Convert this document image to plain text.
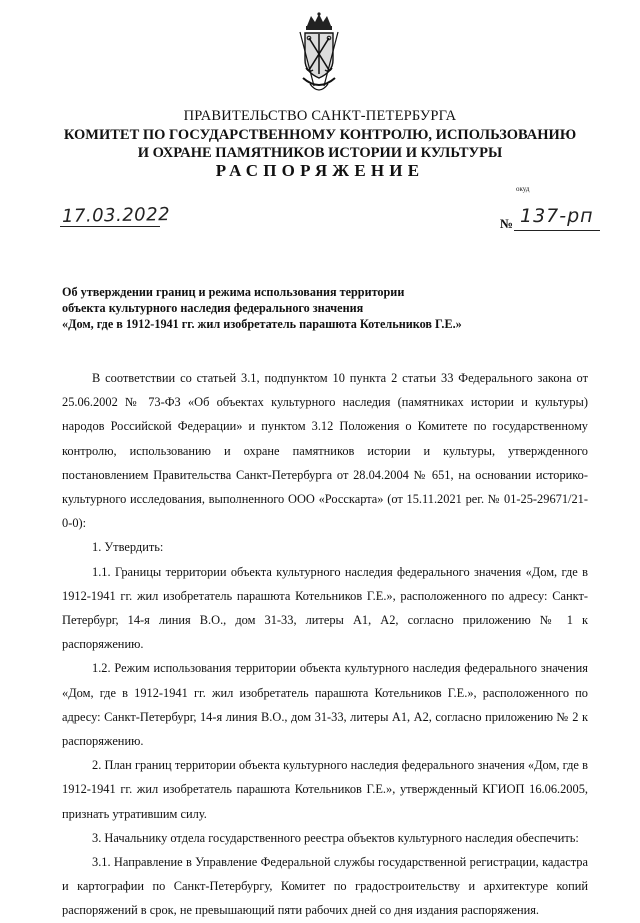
ПРАВИТЕЛЬСТВО САНКТ-ПЕТЕРБУРГА
КОМИТЕТ ПО ГОСУДАРСТВЕННОМУ КОНТРОЛЮ, ИСПОЛЬЗОВАНИЮ
И ОХРАНЕ ПАМЯТНИКОВ ИСТОРИИ И КУЛЬТУРЫ
РАСПОРЯЖЕНИЕ
окуд
17.03.2022	№ 137-рп
Об утверждении границ и режима использования территории
объекта культурного наследия федерального значения
«Дом, где в 1912-1941 гг. жил изобретатель парашюта Котельников Г.Е.»

В соответствии со статьей 3.1, подпунктом 10 пункта 2 статьи 33 Федерального закона от 25.06.2002 № 73-ФЗ «Об объектах культурного наследия (памятниках истории и культуры) народов Российской Федерации» и пунктом 3.12 Положения о Комитете по государственному контролю, использованию и охране памятников истории и культуры, утвержденного постановлением Правительства Санкт-Петербурга от 28.04.2004 № 651, на основании историко-культурного исследования, выполненного ООО «Росскарта» (от 15.11.2021 рег. № 01-25-29671/21-0-0):

1. Утвердить:

1.1. Границы территории объекта культурного наследия федерального значения «Дом, где в 1912-1941 гг. жил изобретатель парашюта Котельников Г.Е.», расположенного по адресу: Санкт-Петербург, 14-я линия В.О., дом 31-33, литеры А1, А2, согласно приложению № 1 к распоряжению.

1.2. Режим использования территории объекта культурного наследия федерального значения «Дом, где в 1912-1941 гг. жил изобретатель парашюта Котельников Г.Е.», расположенного по адресу: Санкт-Петербург, 14-я линия В.О., дом 31-33, литеры А1, А2, согласно приложению № 2 к распоряжению.

2. План границ территории объекта культурного наследия федерального значения «Дом, где в 1912-1941 гг. жил изобретатель парашюта Котельников Г.Е.», утвержденный КГИОП 16.06.2005, признать утратившим силу.

3. Начальнику отдела государственного реестра объектов культурного наследия обеспечить:

3.1. Направление в Управление Федеральной службы государственной регистрации, кадастра и картографии по Санкт-Петербургу, Комитет по градостроительству и архитектуре копий распоряжений в срок, не превышающий пяти рабочих дней со дня издания распоряжения.
